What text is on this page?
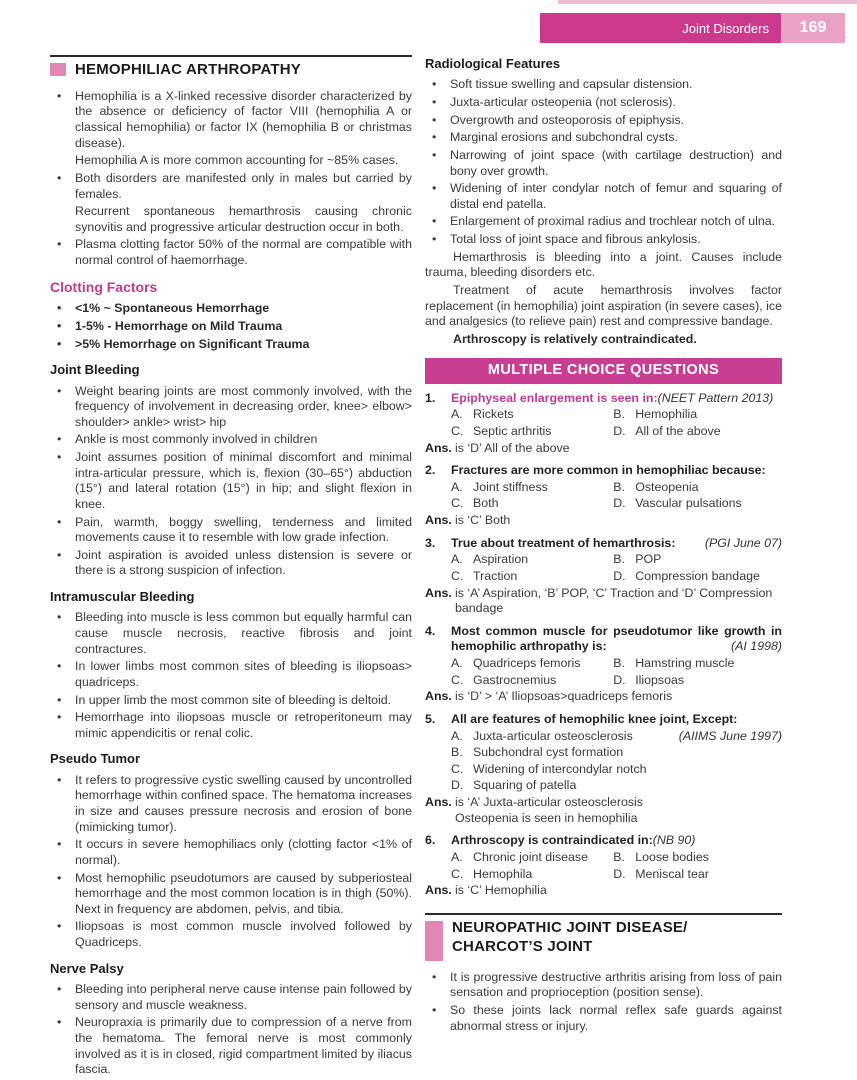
Joint Disorders	169
HEMOPHILIAC ARTHROPATHY
• Hemophilia is a X-linked recessive disorder characterized by the absence or deficiency of factor VIII (hemophilia A or classical hemophilia) or factor IX (hemophilia B or christmas disease).
Hemophilia A is more common accounting for ~85% cases.
• Both disorders are manifested only in males but carried by females.
Recurrent spontaneous hemarthrosis causing chronic synovitis and progressive articular destruction occur in both.
• Plasma clotting factor 50% of the normal are compatible with normal control of haemorrhage.
Clotting Factors
• <1% ~ Spontaneous Hemorrhage
• 1-5% - Hemorrhage on Mild Trauma
• >5% Hemorrhage on Significant Trauma
Joint Bleeding
• Weight bearing joints are most commonly involved, with the frequency of involvement in decreasing order, knee> elbow> shoulder> ankle> wrist> hip
• Ankle is most commonly involved in children
• Joint assumes position of minimal discomfort and minimal intra-articular pressure, which is, flexion (30–65°) abduction (15°) and lateral rotation (15°) in hip; and slight flexion in knee.
• Pain, warmth, boggy swelling, tenderness and limited movements cause it to resemble with low grade infection.
• Joint aspiration is avoided unless distension is severe or there is a strong suspicion of infection.
Intramuscular Bleeding
• Bleeding into muscle is less common but equally harmful can cause muscle necrosis, reactive fibrosis and joint contractures.
• In lower limbs most common sites of bleeding is iliopsoas> quadriceps.
• In upper limb the most common site of bleeding is deltoid.
• Hemorrhage into iliopsoas muscle or retroperitoneum may mimic appendicitis or renal colic.
Pseudo Tumor
• It refers to progressive cystic swelling caused by uncontrolled hemorrhage within confined space. The hematoma increases in size and causes pressure necrosis and erosion of bone (mimicking tumor).
• It occurs in severe hemophiliacs only (clotting factor <1% of normal).
• Most hemophilic pseudotumors are caused by subperiosteal hemorrhage and the most common location is in thigh (50%). Next in frequency are abdomen, pelvis, and tibia.
• Iliopsoas is most common muscle involved followed by Quadriceps.
Nerve Palsy
• Bleeding into peripheral nerve cause intense pain followed by sensory and muscle weakness.
• Neuropraxia is primarily due to compression of a nerve from the hematoma. The femoral nerve is most commonly involved as it is in closed, rigid compartment limited by iliacus fascia.
Radiological Features
• Soft tissue swelling and capsular distension.
• Juxta-articular osteopenia (not sclerosis).
• Overgrowth and osteoporosis of epiphysis.
• Marginal erosions and subchondral cysts.
• Narrowing of joint space (with cartilage destruction) and bony over growth.
• Widening of inter condylar notch of femur and squaring of distal end patella.
• Enlargement of proximal radius and trochlear notch of ulna.
• Total loss of joint space and fibrous ankylosis.

Hemarthrosis is bleeding into a joint. Causes include trauma, bleeding disorders etc.

Treatment of acute hemarthrosis involves factor replacement (in hemophilia) joint aspiration (in severe cases), ice and analgesics (to relieve pain) rest and compressive bandage.

Arthroscopy is relatively contraindicated.

MULTIPLE CHOICE QUESTIONS
1.	Epiphyseal enlargement is seen in:(NEET Pattern 2013)
A. Rickets	B. Hemophilia
C. Septic arthritis	D. All of the above
Ans. is ‘D’ All of the above
2.	Fractures are more common in hemophiliac because:
A. Joint stiffness	B. Osteopenia
C. Both	D. Vascular pulsations
Ans. is ‘C’ Both
3.	True about treatment of hemarthrosis: (PGI June 07)
A. Aspiration	B. POP
C. Traction	D. Compression bandage
Ans. is ‘A’ Aspiration, ‘B’ POP, ‘C’ Traction and ‘D’ Compression bandage
4.	Most common muscle for pseudotumor like growth in hemophilic arthropathy is:	(AI 1998)
A. Quadriceps femoris	B. Hamstring muscle
C. Gastrocnemius	D. Iliopsoas
Ans. is ‘D’ > ‘A’ Iliopsoas>quadriceps femoris
5.	All are features of hemophilic knee joint, Except:
A. Juxta-articular osteosclerosis	(AIIMS June 1997)
B. Subchondral cyst formation
C. Widening of intercondylar notch
D. Squaring of patella
Ans. is ‘A’ Juxta-articular osteosclerosis
Osteopenia is seen in hemophilia
6.	Arthroscopy is contraindicated in:(NB 90)
A. Chronic joint disease B. Loose bodies
C. Hemophila	D. Meniscal tear
Ans. is ‘C’ Hemophilia
NEUROPATHIC JOINT DISEASE/
CHARCOT’S JOINT
• It is progressive destructive arthritis arising from loss of pain sensation and proprioception (position sense).
• So these joints lack normal reflex safe guards against abnormal stress or injury.
